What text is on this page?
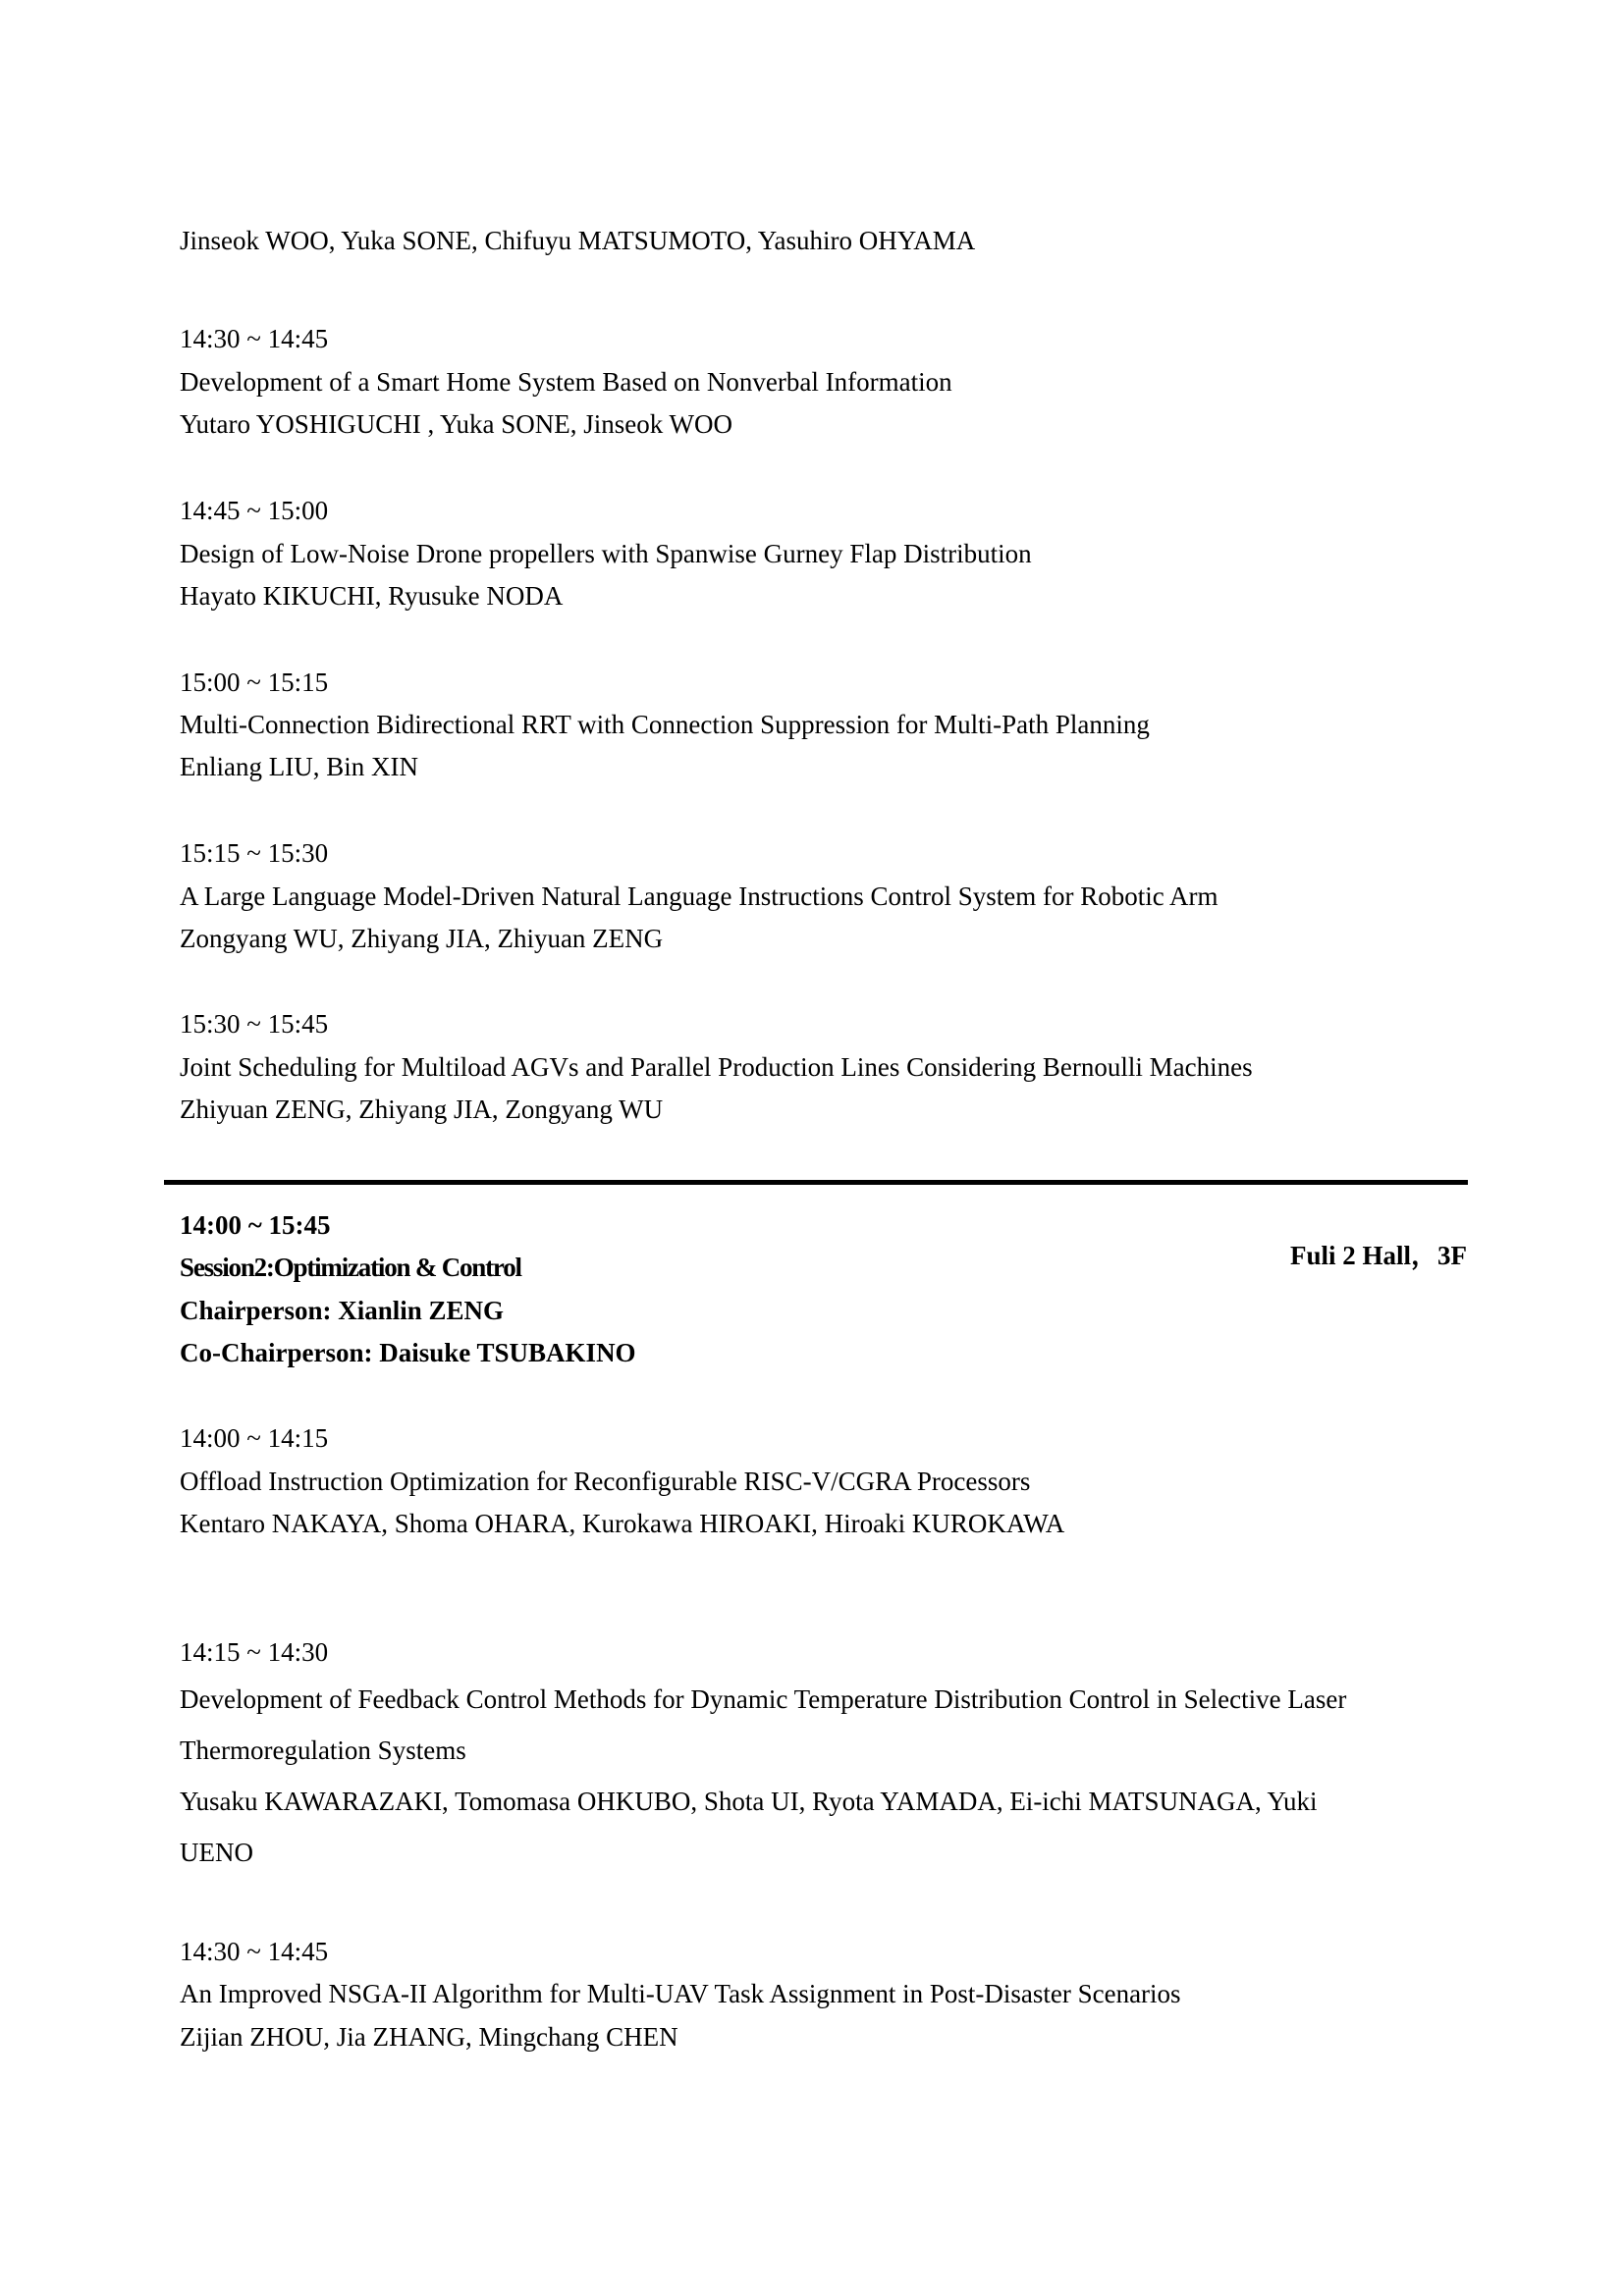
Jinseok WOO, Yuka SONE, Chifuyu MATSUMOTO, Yasuhiro OHYAMA
14:30 ~ 14:45
Development of a Smart Home System Based on Nonverbal Information
Yutaro YOSHIGUCHI , Yuka SONE, Jinseok WOO
14:45 ~ 15:00
Design of Low-Noise Drone propellers with Spanwise Gurney Flap Distribution
Hayato KIKUCHI, Ryusuke NODA
15:00 ~ 15:15
Multi-Connection Bidirectional RRT with Connection Suppression for Multi-Path Planning
Enliang LIU, Bin XIN
15:15 ~ 15:30
A Large Language Model-Driven Natural Language Instructions Control System for Robotic Arm
Zongyang WU, Zhiyang JIA, Zhiyuan ZENG
15:30 ~ 15:45
Joint Scheduling for Multiload AGVs and Parallel Production Lines Considering Bernoulli Machines
Zhiyuan ZENG, Zhiyang JIA, Zongyang WU
14:00 ~ 15:45
Session2:Optimization & Control	Fuli 2 Hall，3F
Chairperson: Xianlin ZENG
Co-Chairperson: Daisuke TSUBAKINO
14:00 ~ 14:15
Offload Instruction Optimization for Reconfigurable RISC-V/CGRA Processors
Kentaro NAKAYA, Shoma OHARA, Kurokawa HIROAKI, Hiroaki KUROKAWA
14:15 ~ 14:30
Development of Feedback Control Methods for Dynamic Temperature Distribution Control in Selective Laser
Thermoregulation Systems
Yusaku KAWARAZAKI, Tomomasa OHKUBO, Shota UI, Ryota YAMADA, Ei-ichi MATSUNAGA, Yuki
UENO
14:30 ~ 14:45
An Improved NSGA-II Algorithm for Multi-UAV Task Assignment in Post-Disaster Scenarios
Zijian ZHOU, Jia ZHANG, Mingchang CHEN
